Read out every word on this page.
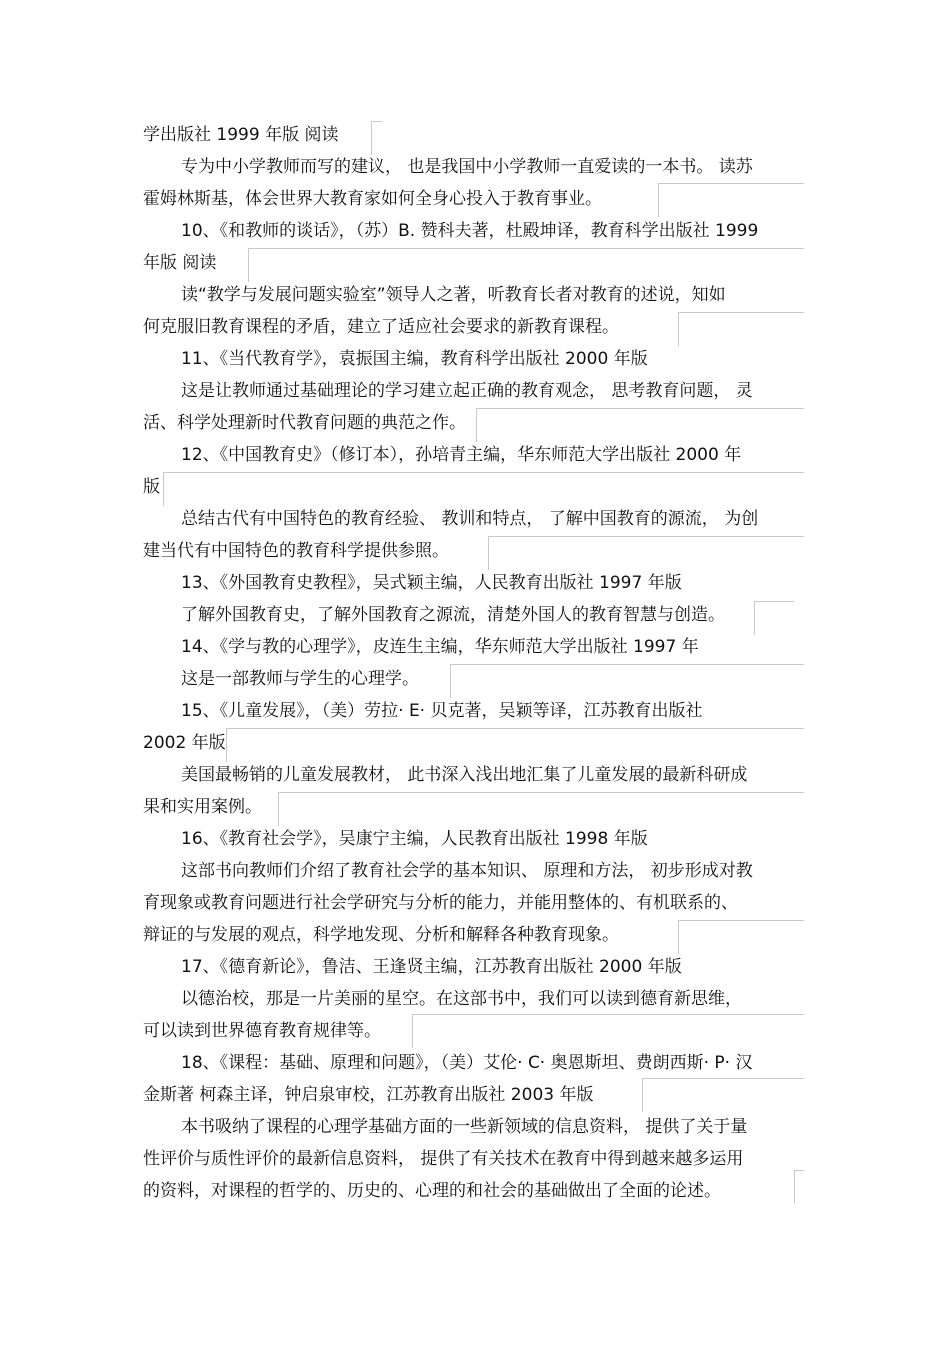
学出版社 1999 年版 阅读
专为中小学教师而写的建议， 也是我国中小学教师一直爱读的一本书。 读苏
霍姆林斯基，体会世界大教育家如何全身心投入于教育事业。
10、《和教师的谈话》，（苏）B. 赞科夫著，杜殿坤译，教育科学出版社 1999
年版 阅读
读“教学与发展问题实验室”领导人之著，听教育长者对教育的述说，知如
何克服旧教育课程的矛盾，建立了适应社会要求的新教育课程。
11、《当代教育学》，袁振国主编，教育科学出版社 2000 年版
这是让教师通过基础理论的学习建立起正确的教育观念， 思考教育问题， 灵
活、科学处理新时代教育问题的典范之作。
12、《中国教育史》（修订本），孙培青主编，华东师范大学出版社 2000 年
版
总结古代有中国特色的教育经验、 教训和特点， 了解中国教育的源流， 为创
建当代有中国特色的教育科学提供参照。
13、《外国教育史教程》，吴式颖主编，人民教育出版社 1997 年版
了解外国教育史，了解外国教育之源流，清楚外国人的教育智慧与创造。
14、《学与教的心理学》，皮连生主编，华东师范大学出版社 1997 年
这是一部教师与学生的心理学。
15、《儿童发展》，（美）劳拉· E· 贝克著，吴颖等译，江苏教育出版社
2002 年版
美国最畅销的儿童发展教材， 此书深入浅出地汇集了儿童发展的最新科研成
果和实用案例。
16、《教育社会学》，吴康宁主编，人民教育出版社 1998 年版
这部书向教师们介绍了教育社会学的基本知识、 原理和方法， 初步形成对教
育现象或教育问题进行社会学研究与分析的能力，并能用整体的、有机联系的、
辩证的与发展的观点，科学地发现、分析和解释各种教育现象。
17、《德育新论》，鲁洁、王逢贤主编，江苏教育出版社 2000 年版
以德治校，那是一片美丽的星空。在这部书中，我们可以读到德育新思维，
可以读到世界德育教育规律等。
18、《课程：基础、原理和问题》，（美）艾伦· C· 奥恩斯坦、费朗西斯· P· 汉
金斯著 柯森主译，钟启泉审校，江苏教育出版社 2003 年版
本书吸纳了课程的心理学基础方面的一些新领域的信息资料， 提供了关于量
性评价与质性评价的最新信息资料， 提供了有关技术在教育中得到越来越多运用
的资料，对课程的哲学的、历史的、心理的和社会的基础做出了全面的论述。
